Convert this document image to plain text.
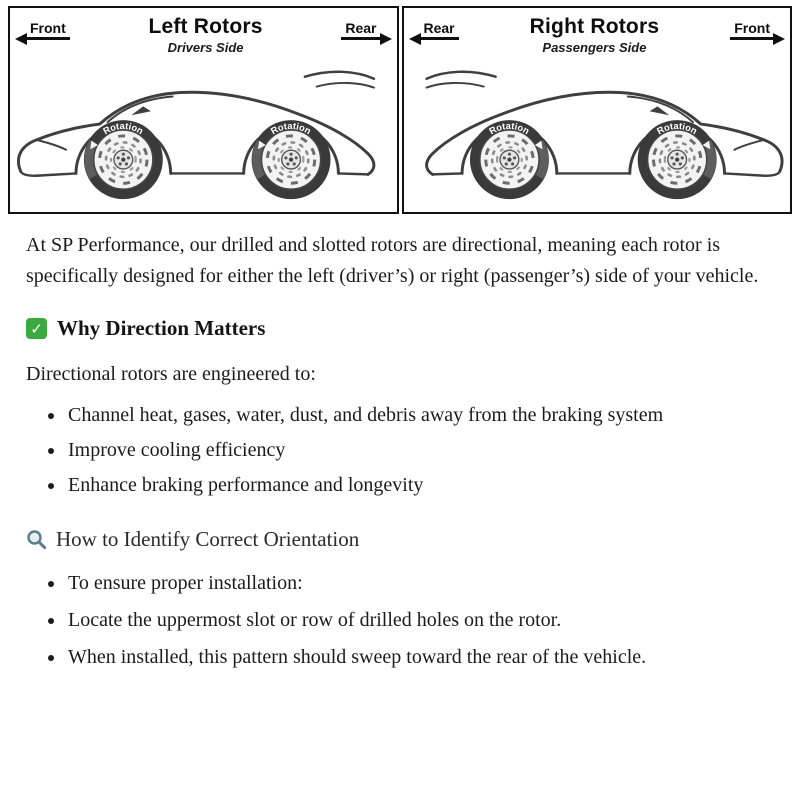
Front	Left Rotors
Drivers Side
Rear	Rear	Right Rotors
Passengers Side
Front

At SP Performance, our drilled and slotted rotors are directional, meaning each rotor is specifically designed for either the left (driver’s) or right (passenger’s) side of your vehicle.

✓ Why Direction Matters

Directional rotors are engineered to:

• Channel heat, gases, water, dust, and debris away from the braking system
• Improve cooling efficiency
• Enhance braking performance and longevity
How to Identify Correct Orientation
• To ensure proper installation:
• Locate the uppermost slot or row of drilled holes on the rotor.
• When installed, this pattern should sweep toward the rear of the vehicle.
